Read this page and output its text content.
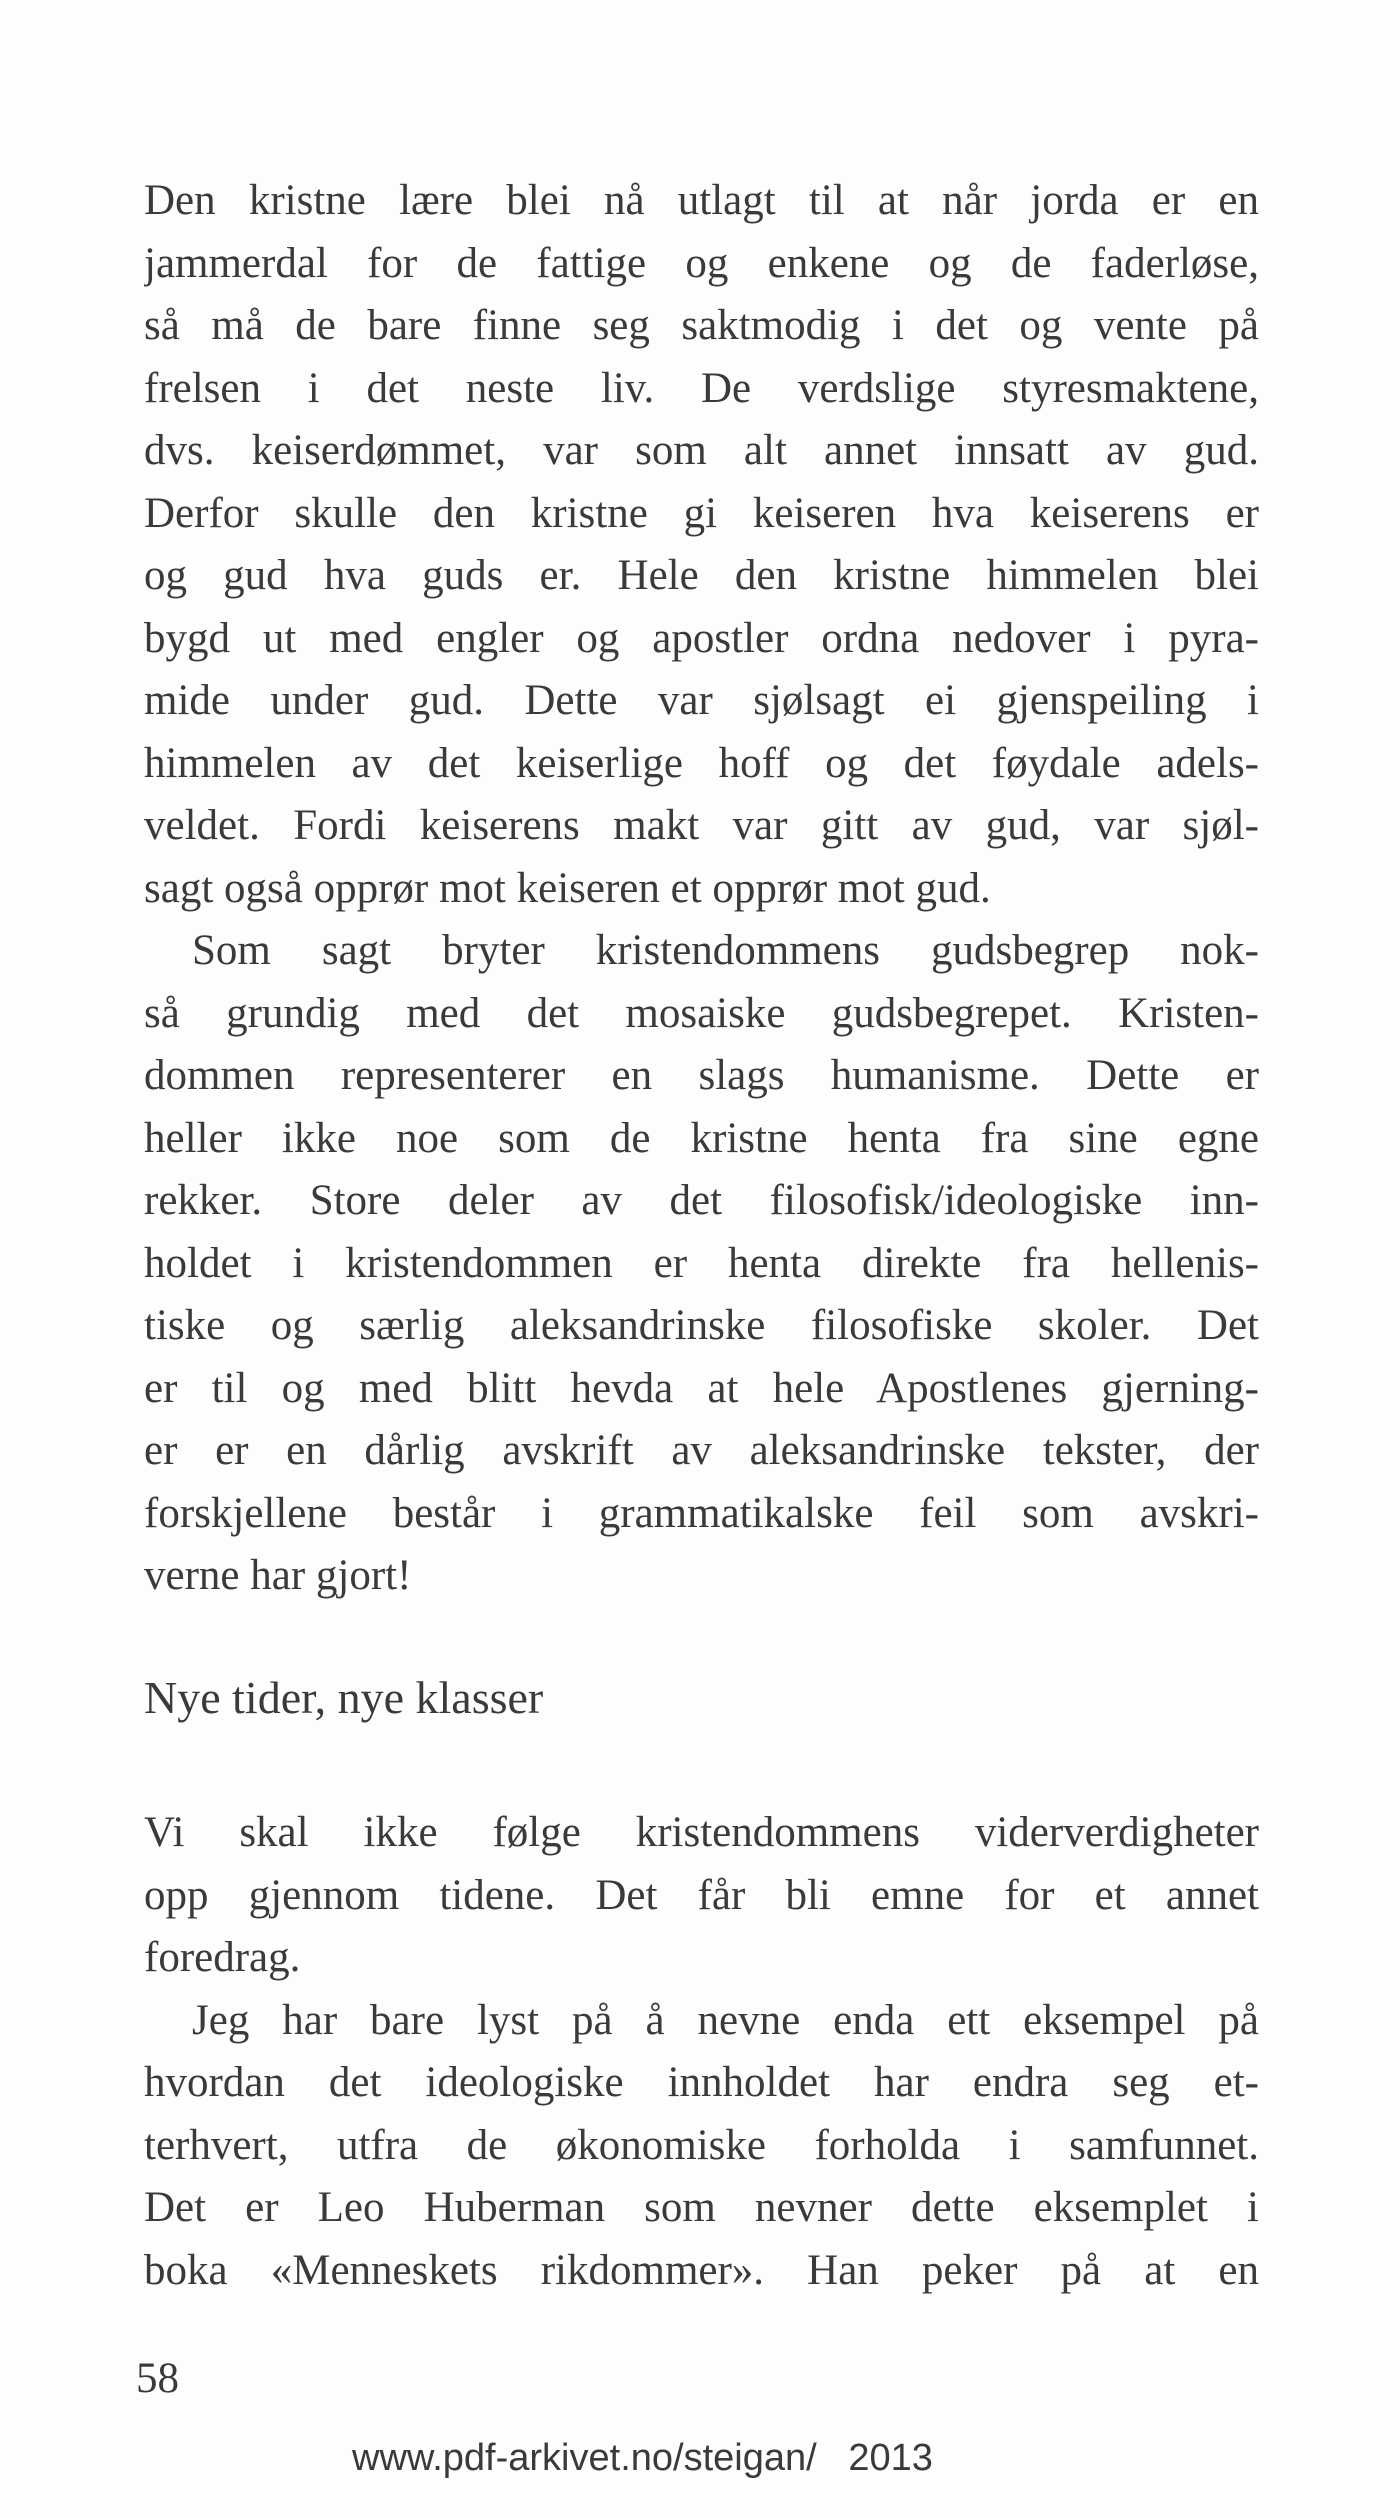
Den kristne lære blei nå utlagt til at når jorda er en
jammerdal for de fattige og enkene og de faderløse,
så må de bare finne seg saktmodig i det og vente på
frelsen i det neste liv. De verdslige styresmaktene,
dvs. keiserdømmet, var som alt annet innsatt av gud.
Derfor skulle den kristne gi keiseren hva keiserens er
og gud hva guds er. Hele den kristne himmelen blei
bygd ut med engler og apostler ordna nedover i pyra-
mide under gud. Dette var sjølsagt ei gjenspeiling i
himmelen av det keiserlige hoff og det føydale adels-
veldet. Fordi keiserens makt var gitt av gud, var sjøl-
sagt også opprør mot keiseren et opprør mot gud.
Som sagt bryter kristendommens gudsbegrep nok-
så grundig med det mosaiske gudsbegrepet. Kristen-
dommen representerer en slags humanisme. Dette er
heller ikke noe som de kristne henta fra sine egne
rekker. Store deler av det filosofisk/ideologiske inn-
holdet i kristendommen er henta direkte fra hellenis-
tiske og særlig aleksandrinske filosofiske skoler. Det
er til og med blitt hevda at hele Apostlenes gjerning-
er er en dårlig avskrift av aleksandrinske tekster, der
forskjellene består i grammatikalske feil som avskri-
verne har gjort!
Nye tider, nye klasser
Vi skal ikke følge kristendommens viderverdigheter
opp gjennom tidene. Det får bli emne for et annet
foredrag.
Jeg har bare lyst på å nevne enda ett eksempel på
hvordan det ideologiske innholdet har endra seg et-
terhvert, utfra de økonomiske forholda i samfunnet.
Det er Leo Huberman som nevner dette eksemplet i
boka «Menneskets rikdommer». Han peker på at en
58
www.pdf-arkivet.no/steigan/ 2013
